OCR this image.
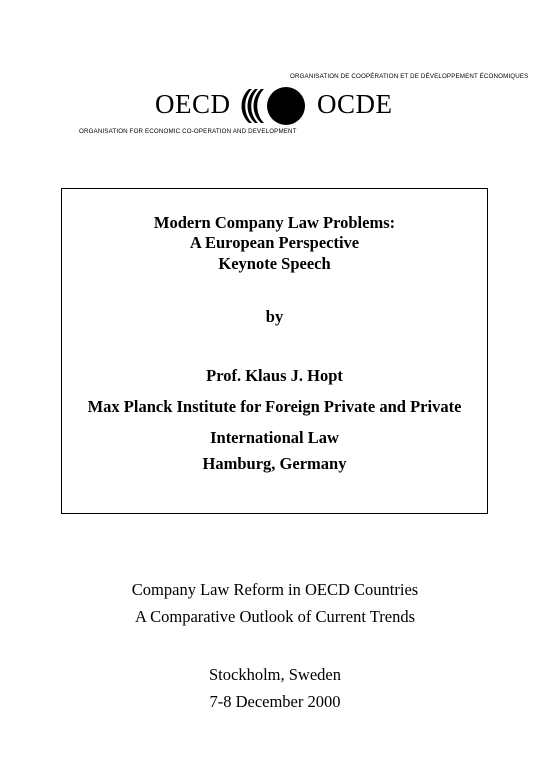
ORGANISATION DE COOPÉRATION ET DE DÉVELOPPEMENT ÉCONOMIQUES
OECD	OCDE
ORGANISATION FOR ECONOMIC CO-OPERATION AND DEVELOPMENT
Modern Company Law Problems:
A European Perspective
Keynote Speech
by
Prof. Klaus J. Hopt
Max Planck Institute for Foreign Private and Private
International Law
Hamburg, Germany
Company Law Reform in OECD Countries
A Comparative Outlook of Current Trends
Stockholm, Sweden
7-8 December 2000
